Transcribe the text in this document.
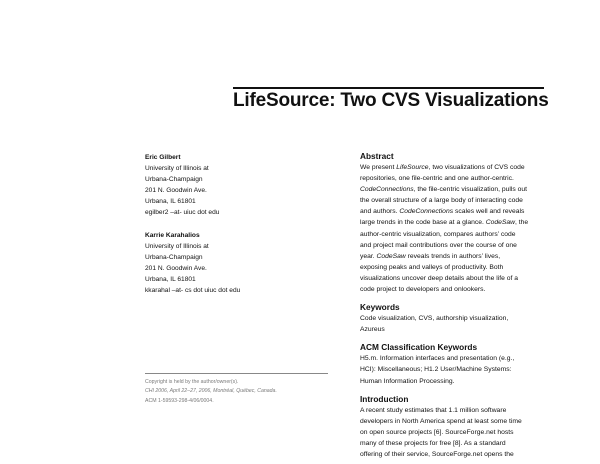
LifeSource: Two CVS Visualizations
Eric Gilbert
University of Illinois at
Urbana-Champaign
201 N. Goodwin Ave.
Urbana, IL 61801
egilber2 –at- uiuc dot edu
Karrie Karahalios
University of Illinois at
Urbana-Champaign
201 N. Goodwin Ave.
Urbana, IL 61801
kkarahal –at- cs dot uiuc dot edu
Abstract

We present LifeSource, two visualizations of CVS code

repositories, one file-centric and one author-centric.

CodeConnections, the file-centric visualization, pulls out

the overall structure of a large body of interacting code

and authors. CodeConnections scales well and reveals

large trends in the code base at a glance. CodeSaw, the

author-centric visualization, compares authors’ code

and project mail contributions over the course of one

year. CodeSaw reveals trends in authors’ lives,

exposing peaks and valleys of productivity. Both

visualizations uncover deep details about the life of a

code project to developers and onlookers.

Keywords

Code visualization, CVS, authorship visualization,

Azureus

ACM Classification Keywords

H5.m. Information interfaces and presentation (e.g.,

HCI): Miscellaneous; H1.2 User/Machine Systems:

Human Information Processing.

Introduction

A recent study estimates that 1.1 million software

developers in North America spend at least some time

on open source projects [6]. SourceForge.net hosts

many of these projects for free [8]. As a standard

offering of their service, SourceForge.net opens the

Copyright is held by the author/owner(s).
CHI 2006, April 22–27, 2006, Montréal, Québec, Canada.
ACM 1-59593-298-4/06/0004.
